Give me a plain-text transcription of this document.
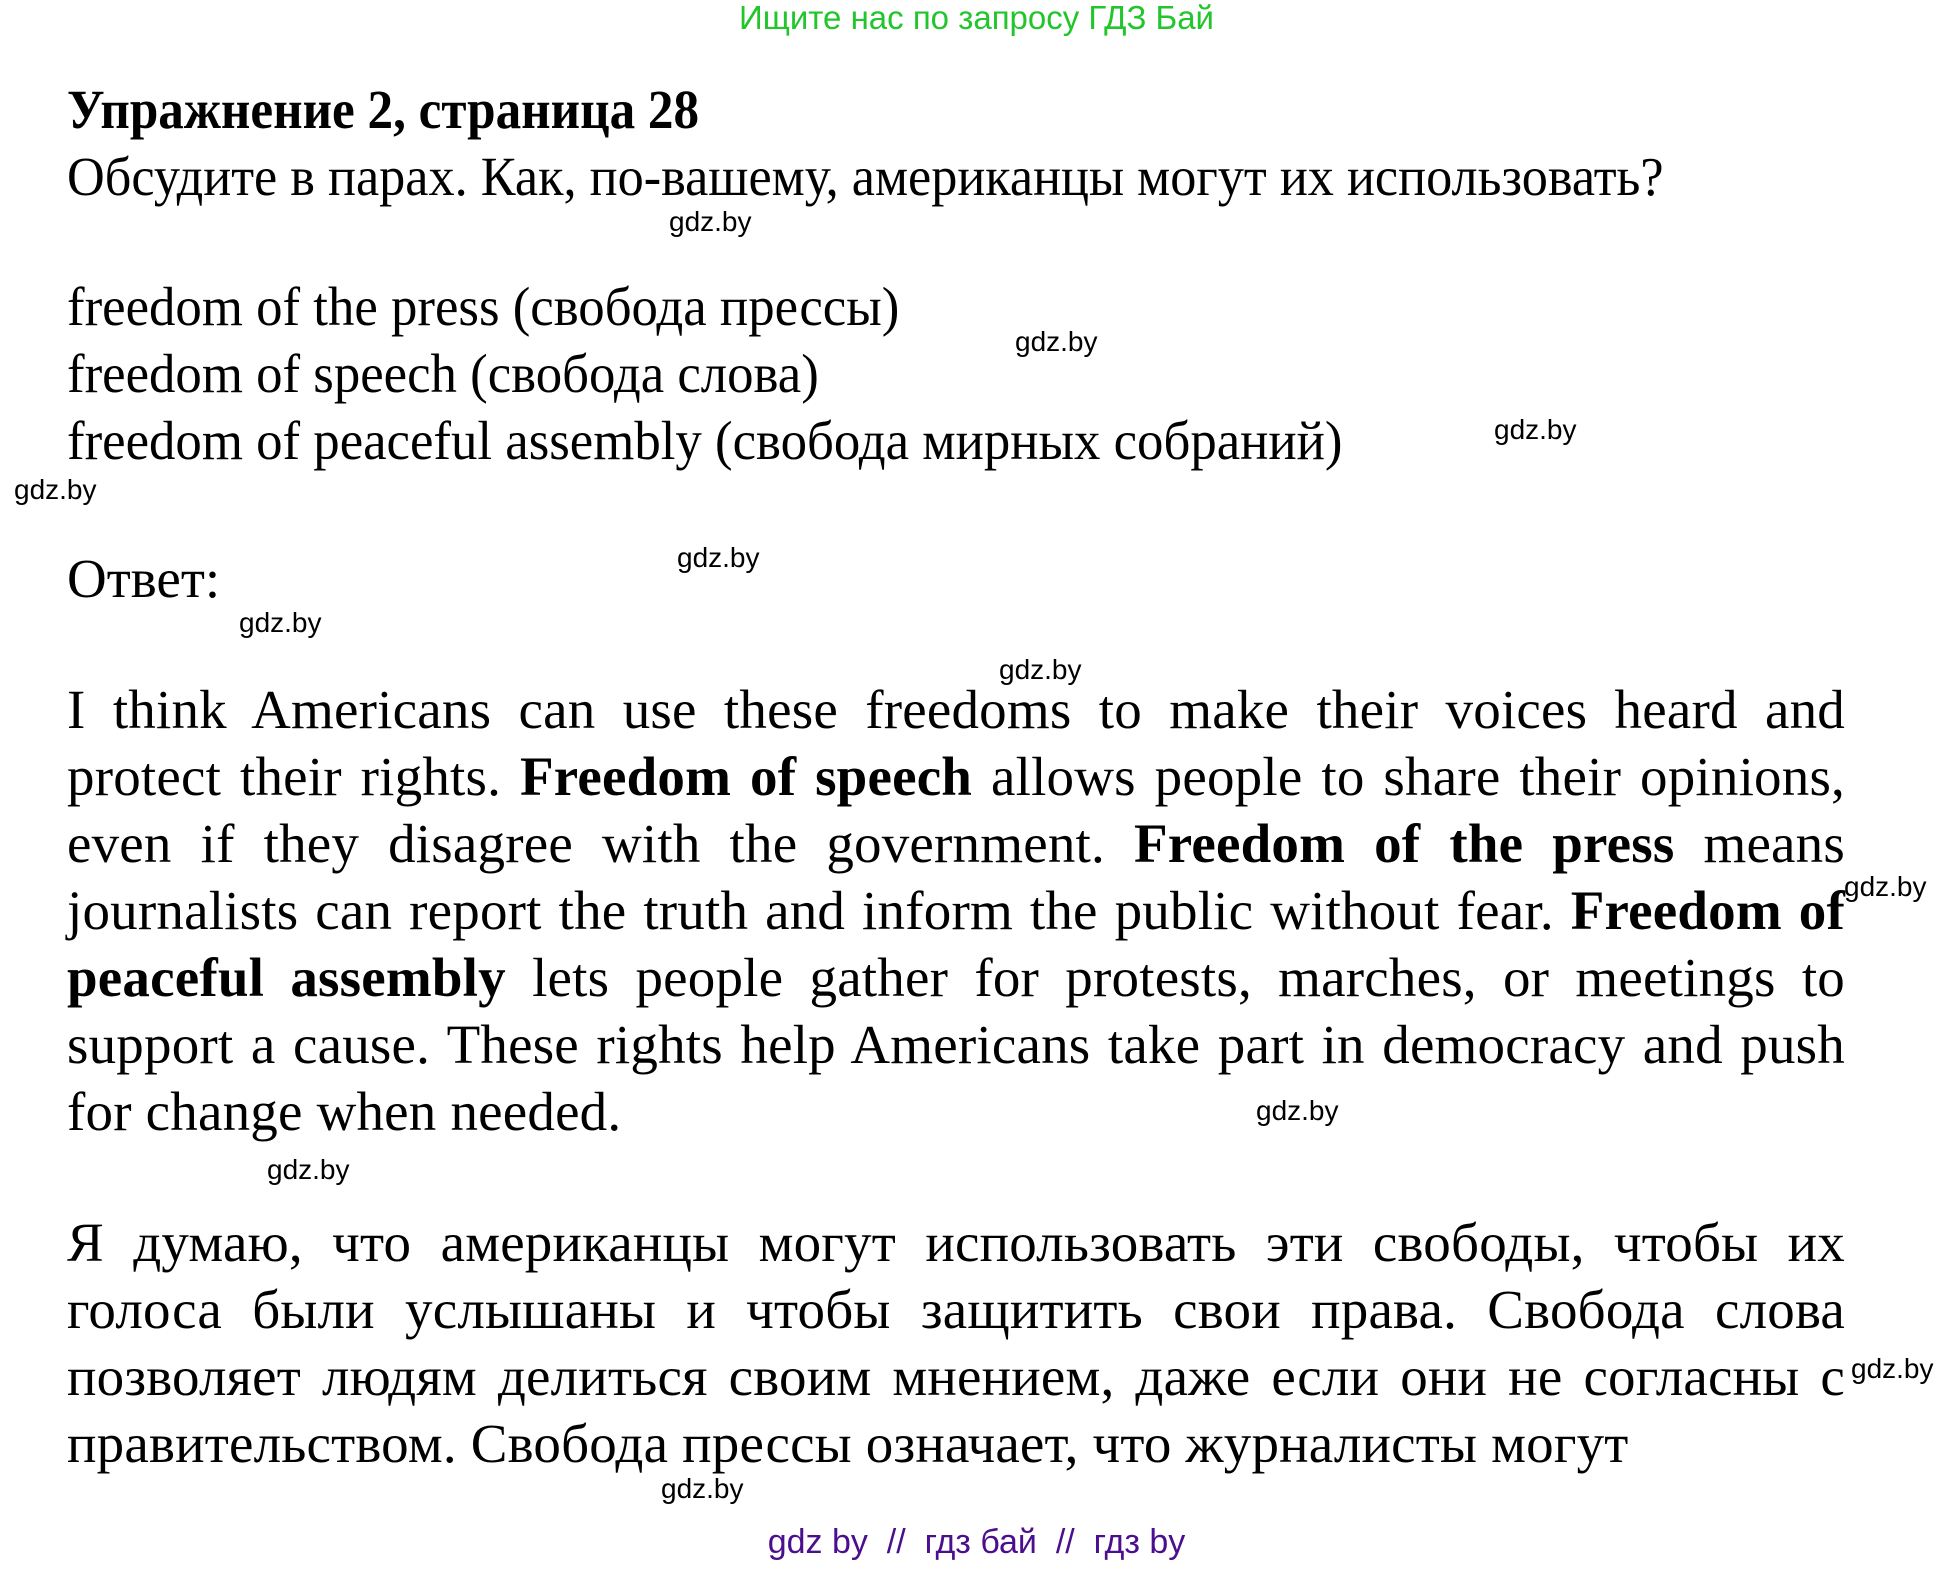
Ищите нас по запросу ГДЗ Бай
Упражнение 2, страница 28
Обсудите в парах. Как, по-вашему, американцы могут их использовать?
freedom of the press (свобода прессы)
freedom of speech (свобода слова)
freedom of peaceful assembly (свобода мирных собраний)
Ответ:
I think Americans can use these freedoms to make their voices heard and protect their rights. Freedom of speech allows people to share their opinions, even if they disagree with the government. Freedom of the press means journalists can report the truth and inform the public without fear. Freedom of peaceful assembly lets people gather for protests, marches, or meetings to support a cause. These rights help Americans take part in democracy and push for change when needed.
Я думаю, что американцы могут использовать эти свободы, чтобы их голоса были услышаны и чтобы защитить свои права. Свобода слова позволяет людям делиться своим мнением, даже если они не согласны с правительством. Свобода прессы означает, что журналисты могут
gdz.by
gdz.by
gdz.by
gdz.by
gdz.by
gdz.by
gdz.by
gdz.by
gdz.by
gdz.by
gdz.by
gdz.by
gdz by  //  гдз бай  //  гдз by
